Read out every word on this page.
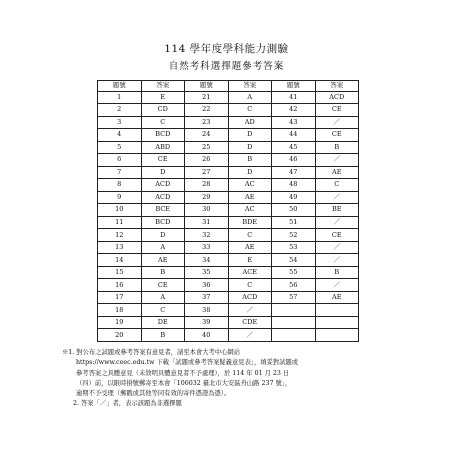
114 學年度學科能力測驗
自然考科選擇題參考答案
題號	答案	題號	答案	題號	答案
1	E	21	A	41	ACD
2	CD	22	C	42	CE
3	C	23	AD	43	／
4	BCD	24	D	44	CE
5	ABD	25	D	45	B
6	CE	26	B	46	／
7	D	27	D	47	AE
8	ACD	28	AC	48	C
9	ACD	29	AE	49	／
10	BCE	30	AC	50	BE
11	BCD	31	BDE	51	／
12	D	32	C	52	CE
13	A	33	AE	53	／
14	AE	34	E	54	／
15	B	35	ACE	55	B
16	CE	36	C	56	／
17	A	37	ACD	57	AE
18	C	38	／		
19	DE	39	CDE		
20	B	40	／		
※1. 對公布之試題或參考答案有意見者，請至本會大考中心網站
https://www.ceec.edu.tw 下載「試題或參考答案疑義意見表」，填妥對試題或
參考答案之具體意見（未敘明具體意見者不予處理），於 114 年 01 月 23 日
（四）前，以限時掛號郵寄至本會「106032 臺北市大安區舟山路 237 號」，
逾期不予受理（郵戳或其他等同有效的寄件憑證為憑）。
2. 答案「／」者，表示該題為非選擇題
